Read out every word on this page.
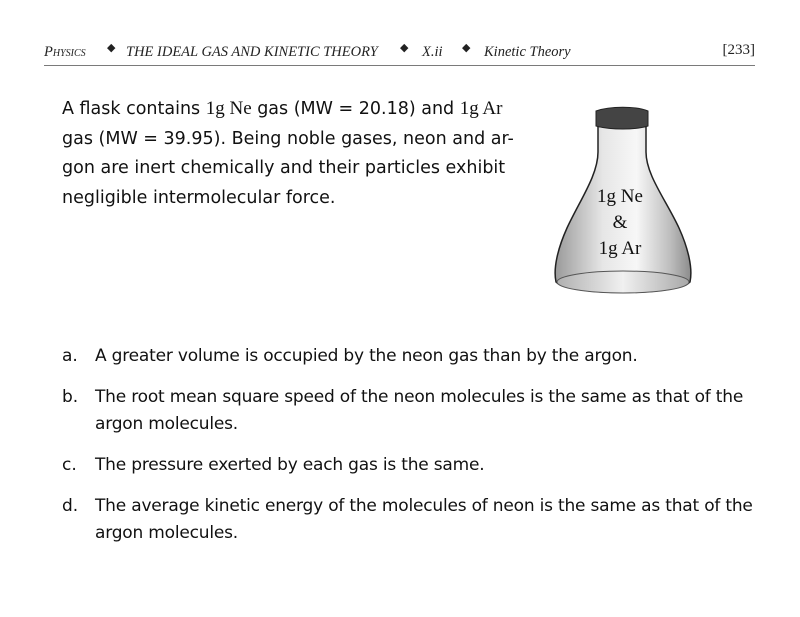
Physics ◆ THE IDEAL GAS AND KINETIC THEORY ◆ X.ii ◆ Kinetic Theory	[233]
A flask contains 1g Ne gas (MW = 20.18) and 1g Ar
gas (MW = 39.95). Being noble gases, neon and ar-
gon are inert chemically and their particles exhibit
negligible intermolecular force.	1g Ne
&
1g Ar
a. A greater volume is occupied by the neon gas than by the argon.
b. The root mean square speed of the neon molecules is the same as that of the argon molecules.
c. The pressure exerted by each gas is the same.
d. The average kinetic energy of the molecules of neon is the same as that of the argon molecules.
